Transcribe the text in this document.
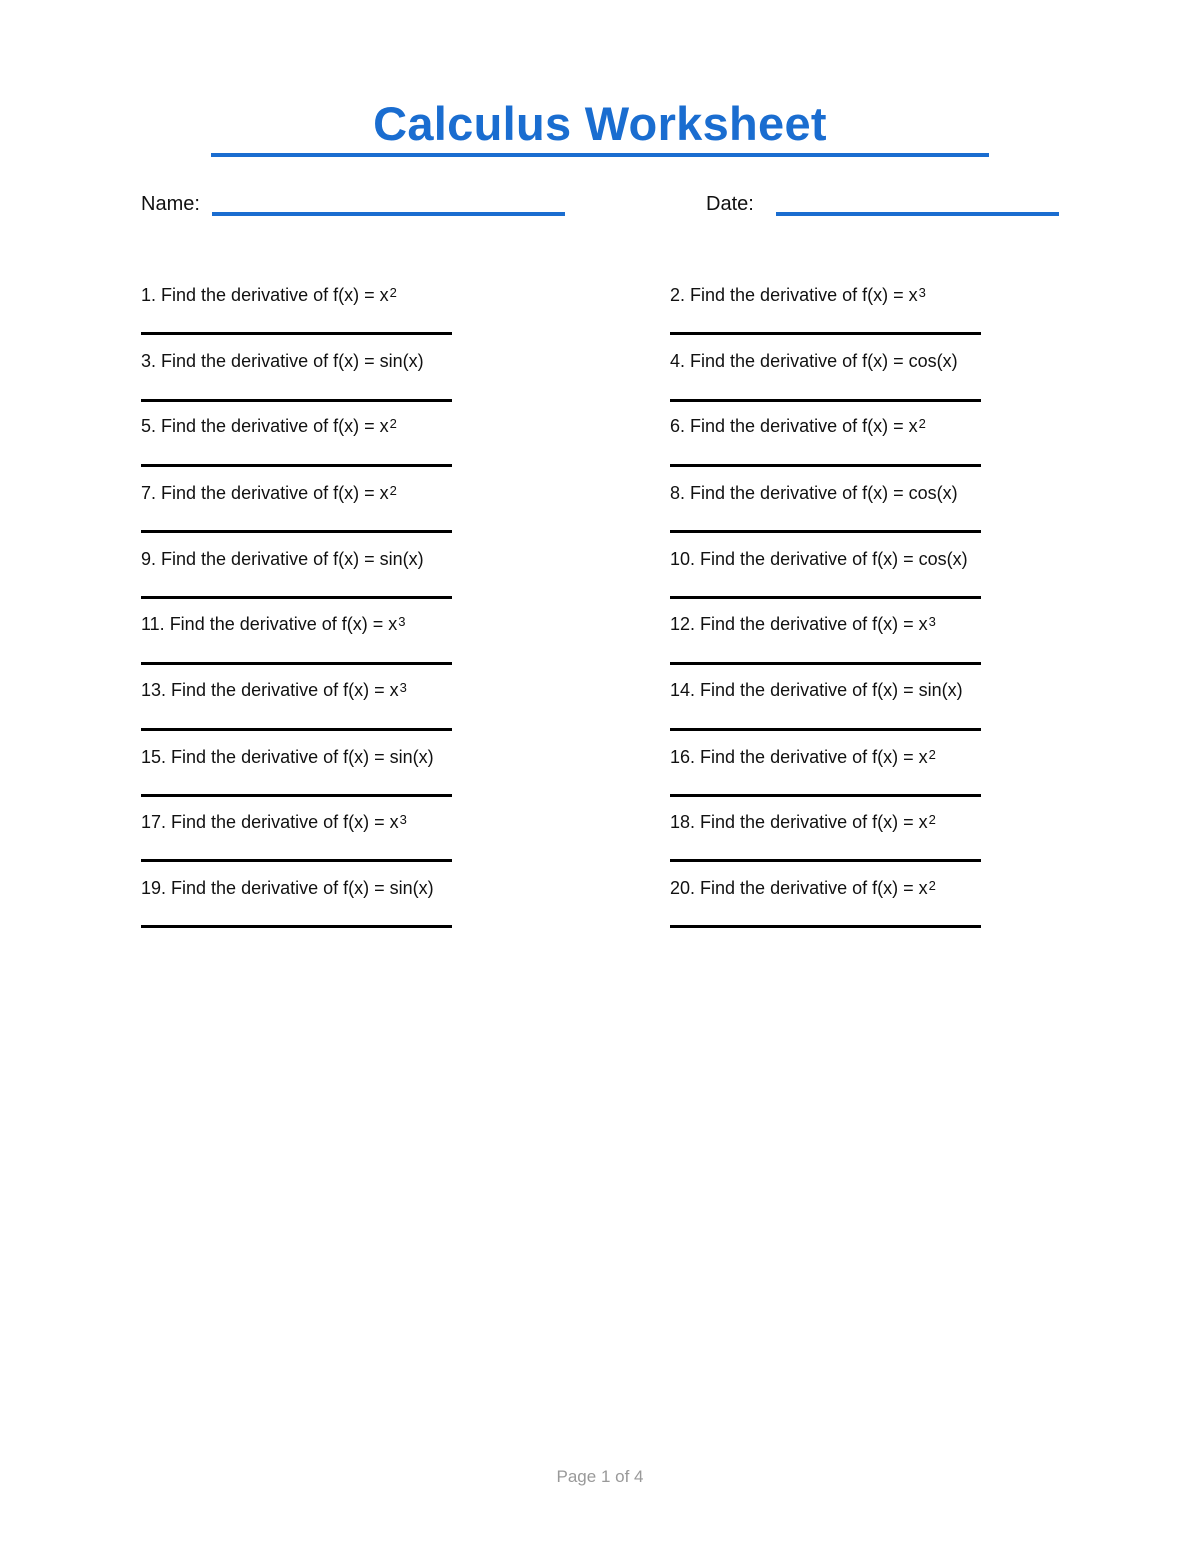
Calculus Worksheet
Name:	Date:
1. Find the derivative of $f(x) = x^2$	2. Find the derivative of $f(x) = x^3$
3. Find the derivative of f(x) = sin(x)	4. Find the derivative of f(x) = cos(x)
5. Find the derivative of $f(x) = x^2$	6. Find the derivative of $f(x) = x^2$
7. Find the derivative of $f(x) = x^2$	8. Find the derivative of f(x) = cos(x)
9. Find the derivative of f(x) = sin(x)	10. Find the derivative of f(x) = cos(x)
11. Find the derivative of $f(x) = x^3$	12. Find the derivative of $f(x) = x^3$
13. Find the derivative of $f(x) = x^3$	14. Find the derivative of f(x) = sin(x)
15. Find the derivative of f(x) = sin(x)	16. Find the derivative of $f(x) = x^2$
17. Find the derivative of $f(x) = x^3$	18. Find the derivative of $f(x) = x^2$
19. Find the derivative of f(x) = sin(x)	20. Find the derivative of $f(x) = x^2$
Page 1 of 4
